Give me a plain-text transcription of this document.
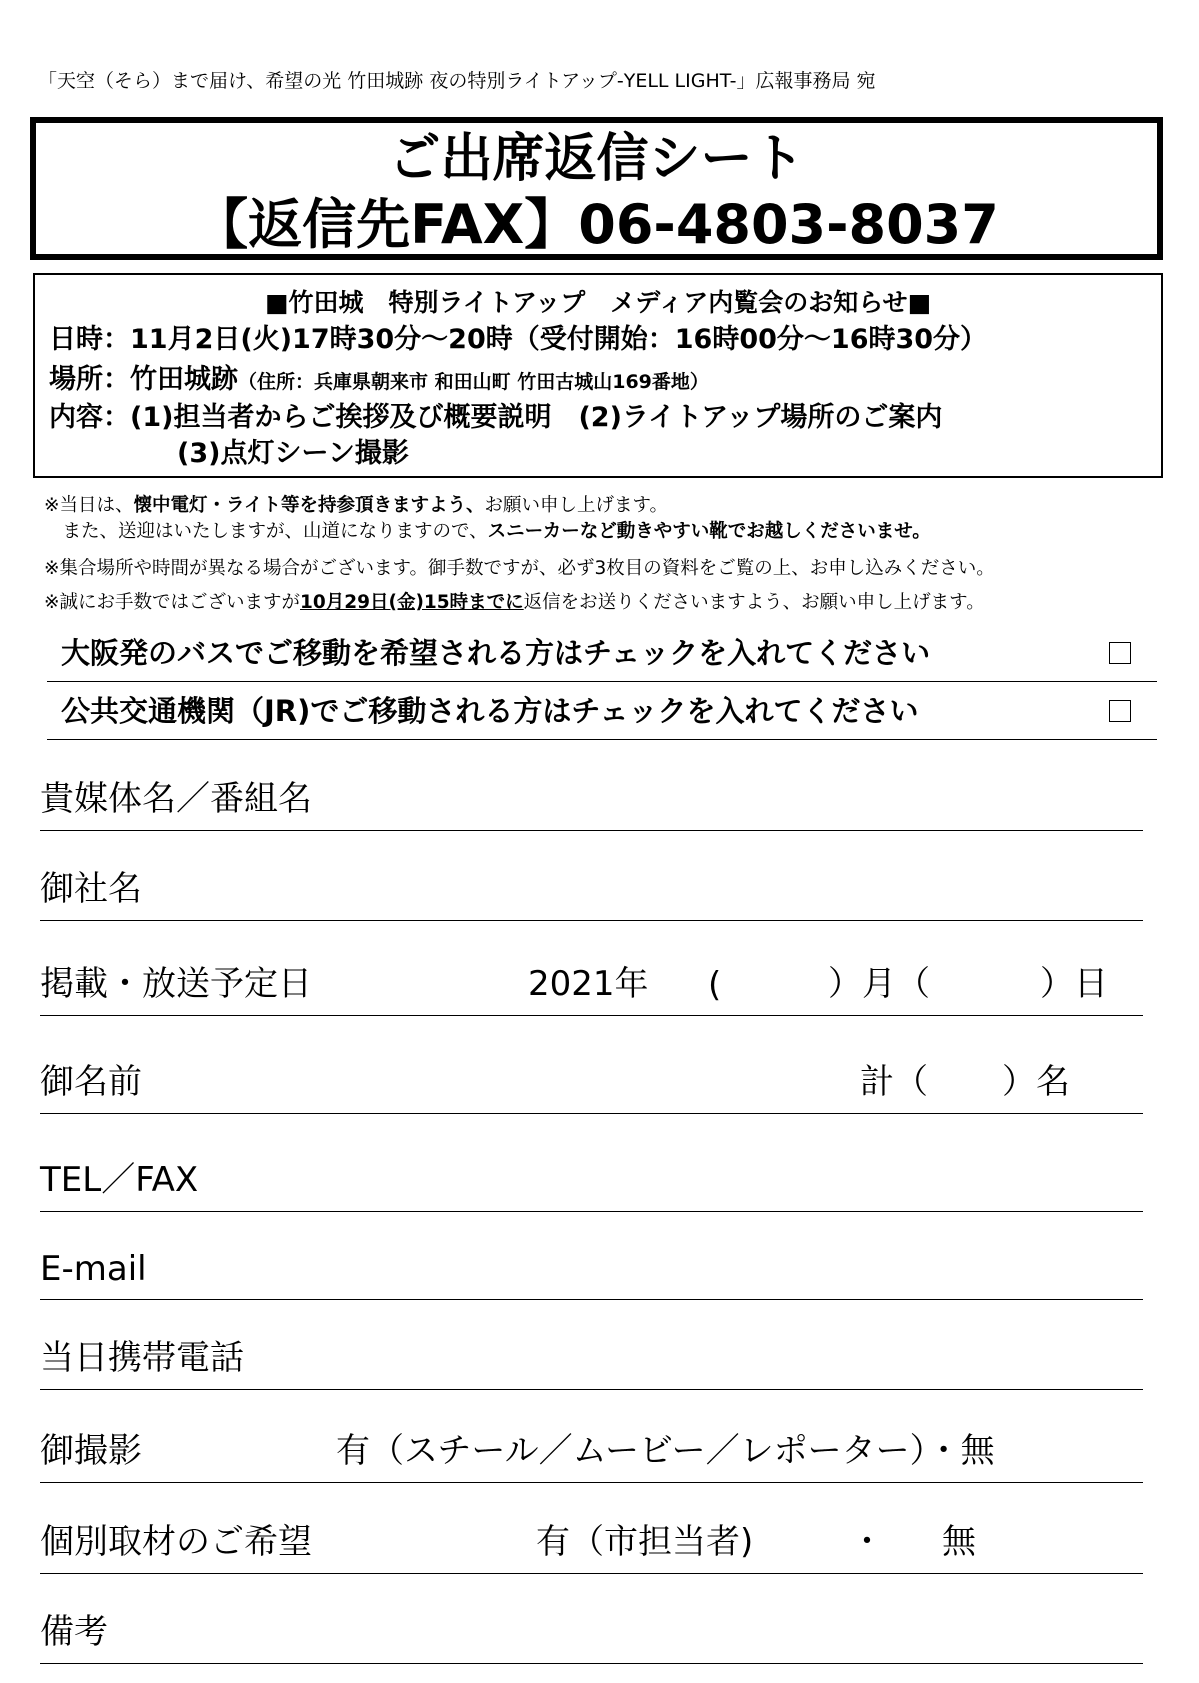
「天空（そら）まで届け、希望の光 竹田城跡 夜の特別ライトアップ-YELL LIGHT-」広報事務局 宛
ご出席返信シート
【返信先FAX】06-4803-8037
■竹田城　特別ライトアップ　メディア内覧会のお知らせ■
日時：11月2日(火)17時30分～20時（受付開始：16時00分～16時30分）
場所：竹田城跡（住所：兵庫県朝来市 和田山町 竹田古城山169番地）
内容：(1)担当者からご挨拶及び概要説明　(2)ライトアップ場所のご案内
(3)点灯シーン撮影
※当日は、懐中電灯・ライト等を持参頂きますよう、お願い申し上げます。
　また、送迎はいたしますが、山道になりますので、スニーカーなど動きやすい靴でお越しくださいませ。
※集合場所や時間が異なる場合がございます。御手数ですが、必ず3枚目の資料をご覧の上、お申し込みください。
※誠にお手数ではございますが10月29日(金)15時までに返信をお送りくださいますよう、お願い申し上げます。
大阪発のバスでご移動を希望される方はチェックを入れてください
公共交通機関（JR)でご移動される方はチェックを入れてください
貴媒体名／番組名
御社名
掲載・放送予定日	2021年 (	）月（	）日
御名前	計（ ）名
TEL／FAX
E-mail
当日携帯電話
御撮影	有（スチール／ムービー／レポーター）・無
個別取材のご希望	有（市担当者)	・ 無
備考
